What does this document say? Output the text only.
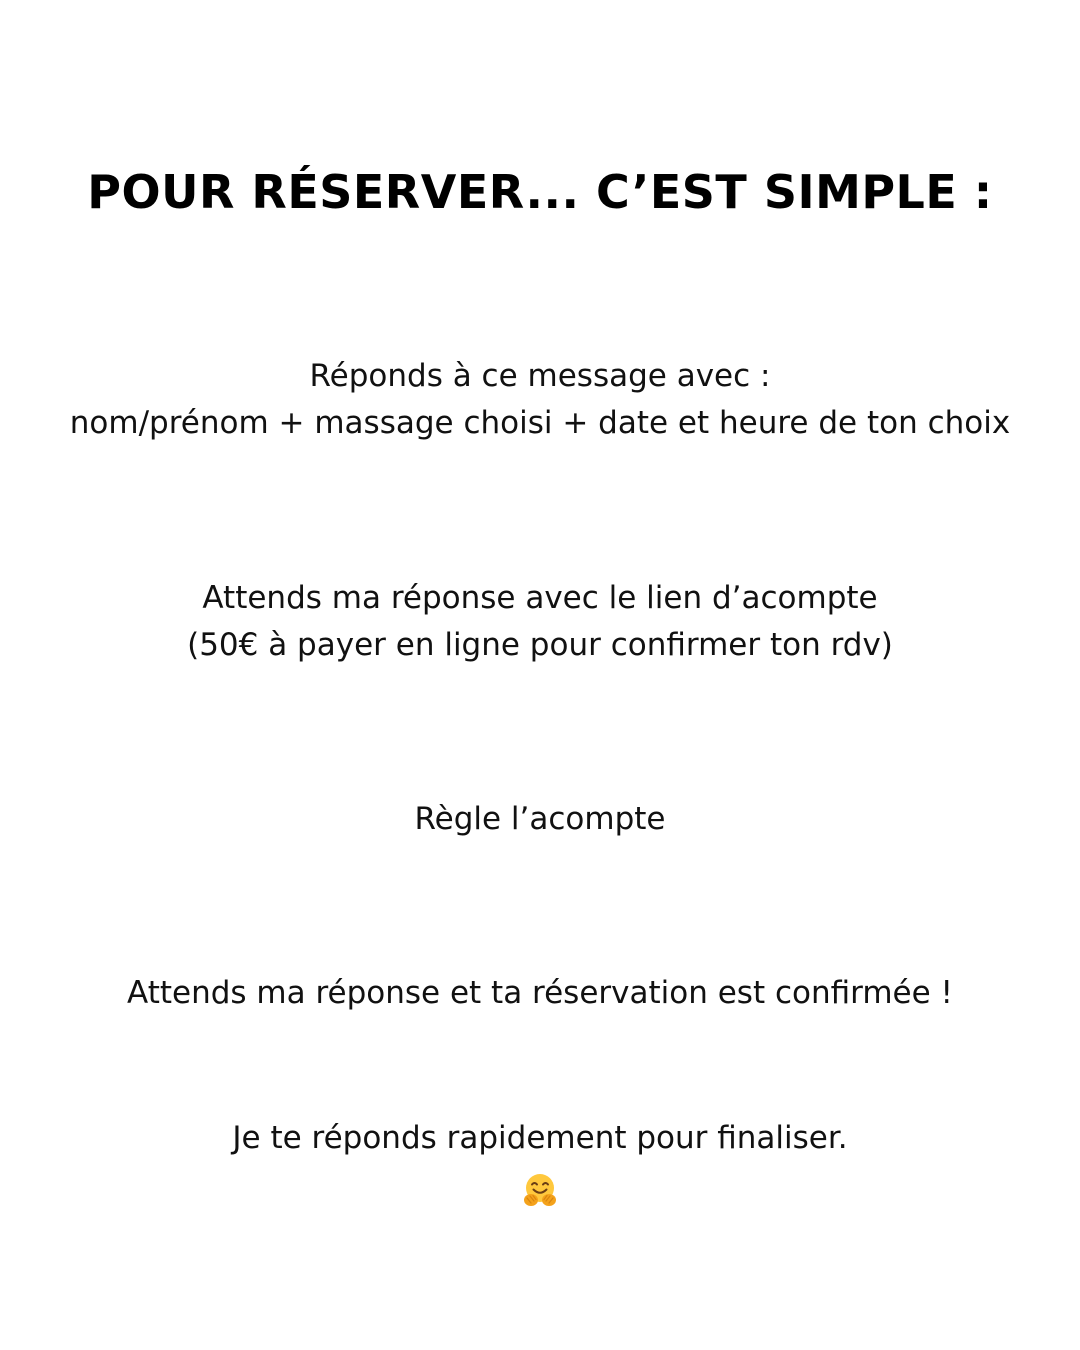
POUR RÉSERVER... C’EST SIMPLE :
Réponds à ce message avec :
nom/prénom + massage choisi + date et heure de ton choix
Attends ma réponse avec le lien d’acompte
(50€ à payer en ligne pour confirmer ton rdv)
Règle l’acompte
Attends ma réponse et ta réservation est confirmée !
Je te réponds rapidement pour finaliser.
